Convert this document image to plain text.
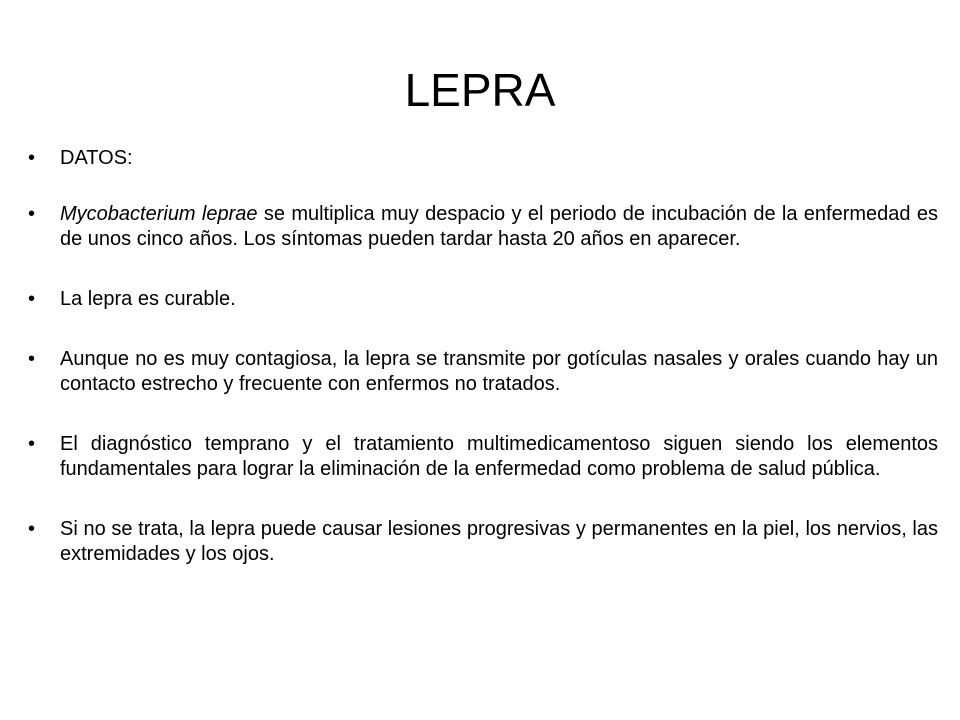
LEPRA
• DATOS:
• Mycobacterium leprae se multiplica muy despacio y el periodo de incubación de la enfermedad es de unos cinco años. Los síntomas pueden tardar hasta 20 años en aparecer.
• La lepra es curable.
• Aunque no es muy contagiosa, la lepra se transmite por gotículas nasales y orales cuando hay un contacto estrecho y frecuente con enfermos no tratados.
• El diagnóstico temprano y el tratamiento multimedicamentoso siguen siendo los elementos fundamentales para lograr la eliminación de la enfermedad como problema de salud pública.
• Si no se trata, la lepra puede causar lesiones progresivas y permanentes en la piel, los nervios, las extremidades y los ojos.
